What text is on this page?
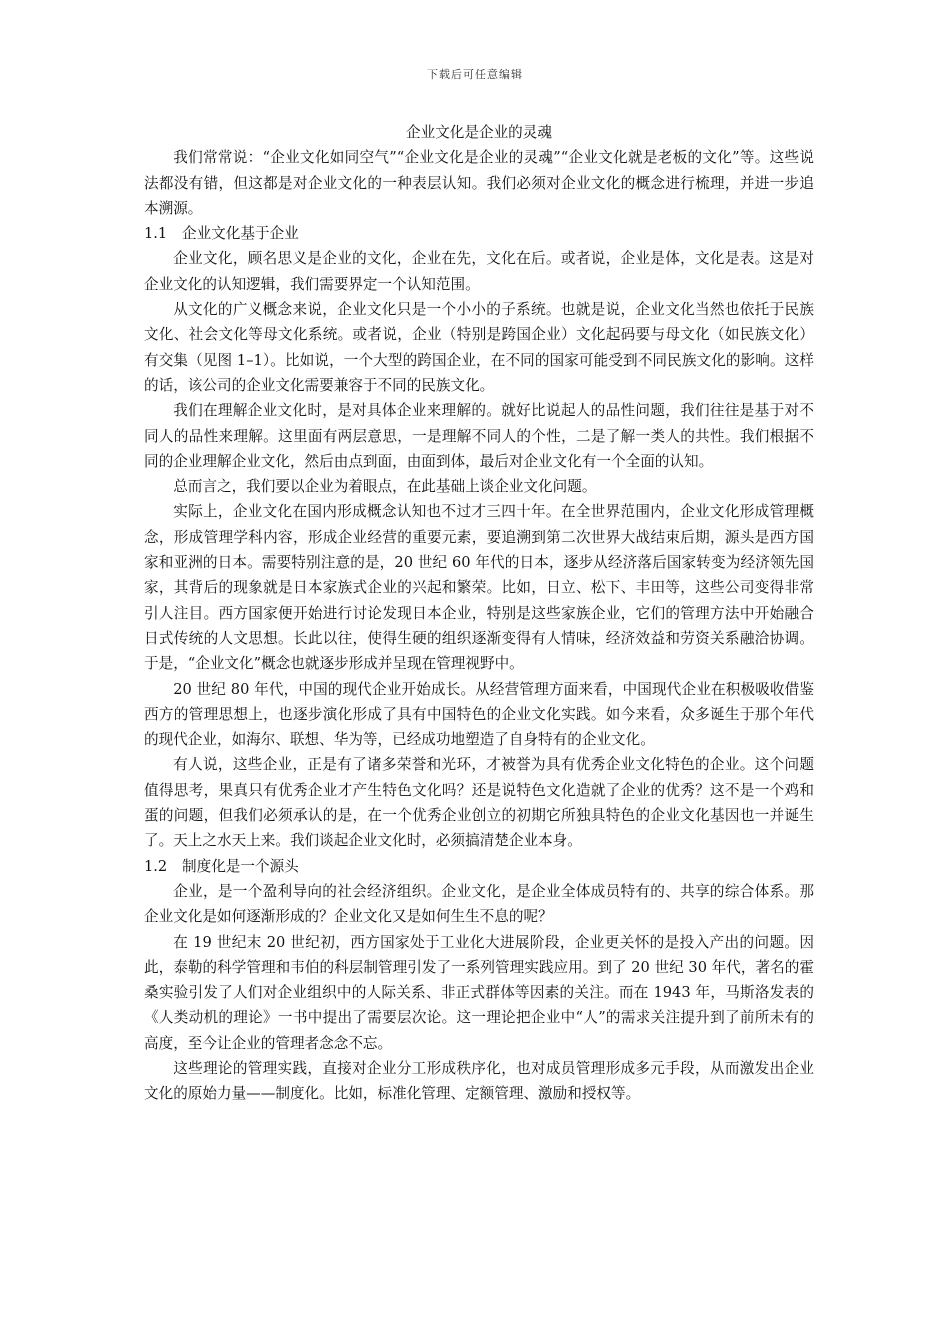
下载后可任意编辑

企业文化是企业的灵魂

我们常常说：“企业文化如同空气”“企业文化是企业的灵魂”“企业文化就是老板的文化”等。这些说法都没有错，但这都是对企业文化的一种表层认知。我们必须对企业文化的概念进行梳理，并进一步追本溯源。

1.1 企业文化基于企业

企业文化，顾名思义是企业的文化，企业在先，文化在后。或者说，企业是体，文化是表。这是对企业文化的认知逻辑，我们需要界定一个认知范围。

从文化的广义概念来说，企业文化只是一个小小的子系统。也就是说，企业文化当然也依托于民族文化、社会文化等母文化系统。或者说，企业（特别是跨国企业）文化起码要与母文化（如民族文化）有交集（见图 1–1）。比如说，一个大型的跨国企业，在不同的国家可能受到不同民族文化的影响。这样的话，该公司的企业文化需要兼容于不同的民族文化。

我们在理解企业文化时，是对具体企业来理解的。就好比说起人的品性问题，我们往往是基于对不同人的品性来理解。这里面有两层意思，一是理解不同人的个性，二是了解一类人的共性。我们根据不同的企业理解企业文化，然后由点到面，由面到体，最后对企业文化有一个全面的认知。

总而言之，我们要以企业为着眼点，在此基础上谈企业文化问题。

实际上，企业文化在国内形成概念认知也不过才三四十年。在全世界范围内，企业文化形成管理概念，形成管理学科内容，形成企业经营的重要元素，要追溯到第二次世界大战结束后期，源头是西方国家和亚洲的日本。需要特别注意的是，20 世纪 60 年代的日本，逐步从经济落后国家转变为经济领先国家，其背后的现象就是日本家族式企业的兴起和繁荣。比如，日立、松下、丰田等，这些公司变得非常引人注目。西方国家便开始进行讨论发现日本企业，特别是这些家族企业，它们的管理方法中开始融合日式传统的人文思想。长此以往，使得生硬的组织逐渐变得有人情味，经济效益和劳资关系融洽协调。于是，“企业文化”概念也就逐步形成并呈现在管理视野中。

20 世纪 80 年代，中国的现代企业开始成长。从经营管理方面来看，中国现代企业在积极吸收借鉴西方的管理思想上，也逐步演化形成了具有中国特色的企业文化实践。如今来看，众多诞生于那个年代的现代企业，如海尔、联想、华为等，已经成功地塑造了自身特有的企业文化。

有人说，这些企业，正是有了诸多荣誉和光环，才被誉为具有优秀企业文化特色的企业。这个问题值得思考，果真只有优秀企业才产生特色文化吗？还是说特色文化造就了企业的优秀？这不是一个鸡和蛋的问题，但我们必须承认的是，在一个优秀企业创立的初期它所独具特色的企业文化基因也一并诞生了。天上之水天上来。我们谈起企业文化时，必须搞清楚企业本身。

1.2 制度化是一个源头

企业，是一个盈利导向的社会经济组织。企业文化，是企业全体成员特有的、共享的综合体系。那企业文化是如何逐渐形成的？企业文化又是如何生生不息的呢？

在 19 世纪末 20 世纪初，西方国家处于工业化大进展阶段，企业更关怀的是投入产出的问题。因此，泰勒的科学管理和韦伯的科层制管理引发了一系列管理实践应用。到了 20 世纪 30 年代，著名的霍桑实验引发了人们对企业组织中的人际关系、非正式群体等因素的关注。而在 1943 年，马斯洛发表的《人类动机的理论》一书中提出了需要层次论。这一理论把企业中“人”的需求关注提升到了前所未有的高度，至今让企业的管理者念念不忘。

这些理论的管理实践，直接对企业分工形成秩序化，也对成员管理形成多元手段，从而激发出企业文化的原始力量——制度化。比如，标准化管理、定额管理、激励和授权等。
